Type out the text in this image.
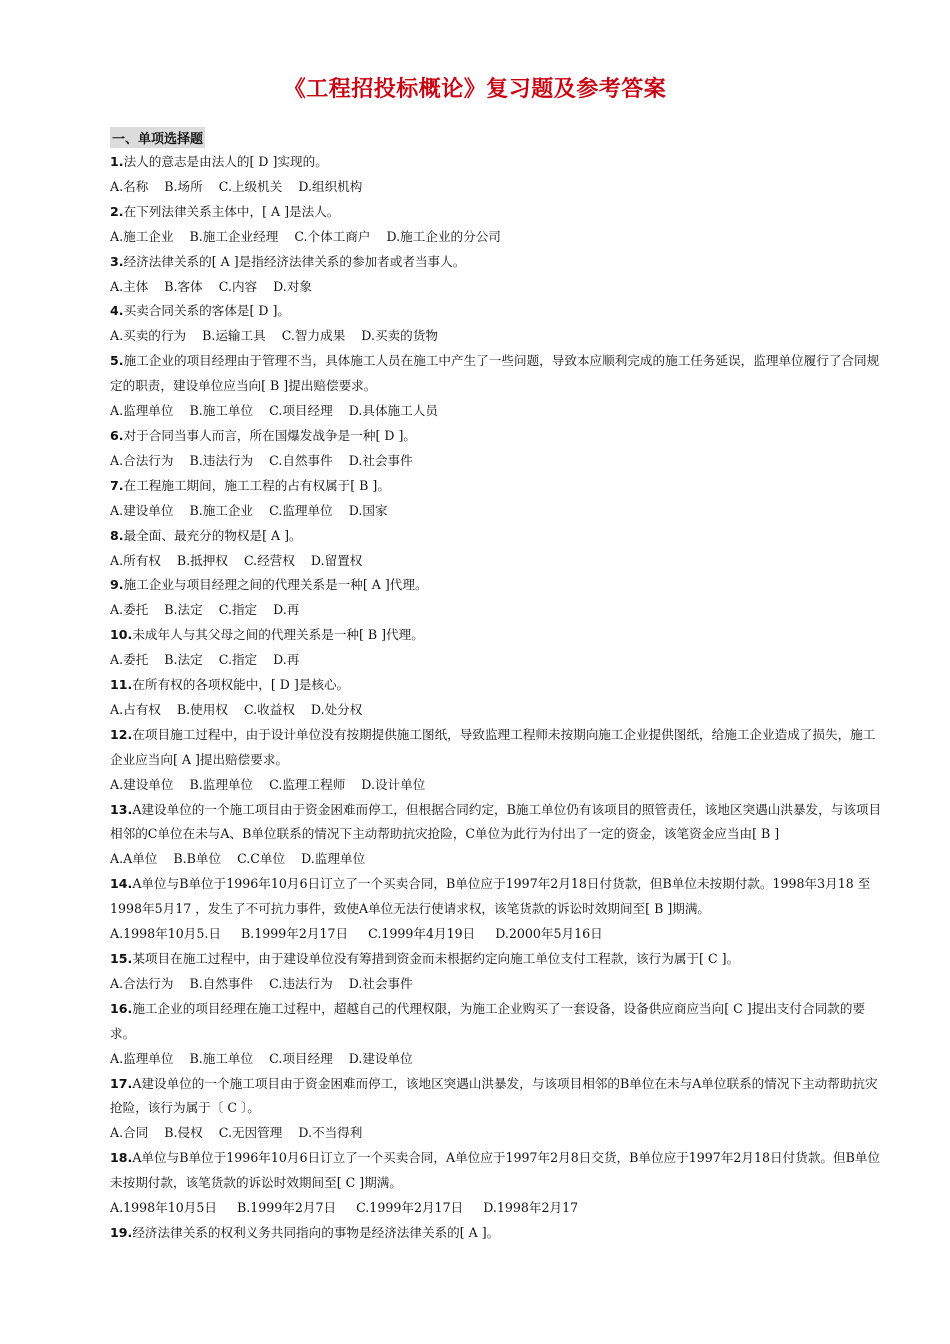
《工程招投标概论》复习题及参考答案
一、单项选择题

1.法人的意志是由法人的[ D ]实现的。

A.名称    B.场所    C.上级机关    D.组织机构

2.在下列法律关系主体中，[ A ]是法人。

A.施工企业    B.施工企业经理    C.个体工商户    D.施工企业的分公司

3.经济法律关系的[ A ]是指经济法律关系的参加者或者当事人。

A.主体    B.客体    C.内容    D.对象

4.买卖合同关系的客体是[ D ]。

A.买卖的行为    B.运输工具    C.智力成果    D.买卖的货物

5.施工企业的项目经理由于管理不当，具体施工人员在施工中产生了一些问题，导致本应顺利完成的施工任务延误，监理单位履行了合同规定的职责，建设单位应当向[ B ]提出赔偿要求。

A.监理单位    B.施工单位    C.项目经理    D.具体施工人员

6.对于合同当事人而言，所在国爆发战争是一种[ D ]。

A.合法行为    B.违法行为    C.自然事件    D.社会事件

7.在工程施工期间，施工工程的占有权属于[ B ]。

A.建设单位    B.施工企业    C.监理单位    D.国家

8.最全面、最充分的物权是[ A ]。

A.所有权    B.抵押权    C.经营权    D.留置权

9.施工企业与项目经理之间的代理关系是一种[ A ]代理。

A.委托    B.法定    C.指定    D.再

10.未成年人与其父母之间的代理关系是一种[ B ]代理。

A.委托    B.法定    C.指定    D.再

11.在所有权的各项权能中，[ D ]是核心。

A.占有权    B.使用权    C.收益权    D.处分权

12.在项目施工过程中，由于设计单位没有按期提供施工图纸，导致监理工程师未按期向施工企业提供图纸，给施工企业造成了损失，施工企业应当向[ A ]提出赔偿要求。

A.建设单位    B.监理单位    C.监理工程师    D.设计单位

13.A建设单位的一个施工项目由于资金困难而停工，但根据合同约定，B施工单位仍有该项目的照管责任，该地区突遇山洪暴发，与该项目相邻的C单位在未与A、B单位联系的情况下主动帮助抗灾抢险，C单位为此行为付出了一定的资金，该笔资金应当由[ B ]

A.A单位    B.B单位    C.C单位    D.监理单位

14.A单位与B单位于1996年10月6日订立了一个买卖合同，B单位应于1997年2月18日付货款，但B单位未按期付款。1998年3月18 至 1998年5月17 ，发生了不可抗力事件，致使A单位无法行使请求权，该笔货款的诉讼时效期间至[ B ]期满。

A.1998年10月5.日     B.1999年2月17日     C.1999年4月19日     D.2000年5月16日

15.某项目在施工过程中，由于建设单位没有筹措到资金而未根据约定向施工单位支付工程款，该行为属于[ C ]。

A.合法行为    B.自然事件    C.违法行为    D.社会事件

16.施工企业的项目经理在施工过程中，超越自己的代理权限，为施工企业购买了一套设备，设备供应商应当向[ C ]提出支付合同款的要求。

A.监理单位    B.施工单位    C.项目经理    D.建设单位

17.A建设单位的一个施工项目由于资金困难而停工，该地区突遇山洪暴发，与该项目相邻的B单位在未与A单位联系的情况下主动帮助抗灾抢险，该行为属于〔 C 〕。

A.合同    B.侵权    C.无因管理    D.不当得利

18.A单位与B单位于1996年10月6日订立了一个买卖合同，A单位应于1997年2月8日交货，B单位应于1997年2月18日付货款。但B单位未按期付款，该笔货款的诉讼时效期间至[ C ]期满。

A.1998年10月5日     B.1999年2月7日     C.1999年2月17日     D.1998年2月17

19.经济法律关系的权利义务共同指向的事物是经济法律关系的[ A ]。
